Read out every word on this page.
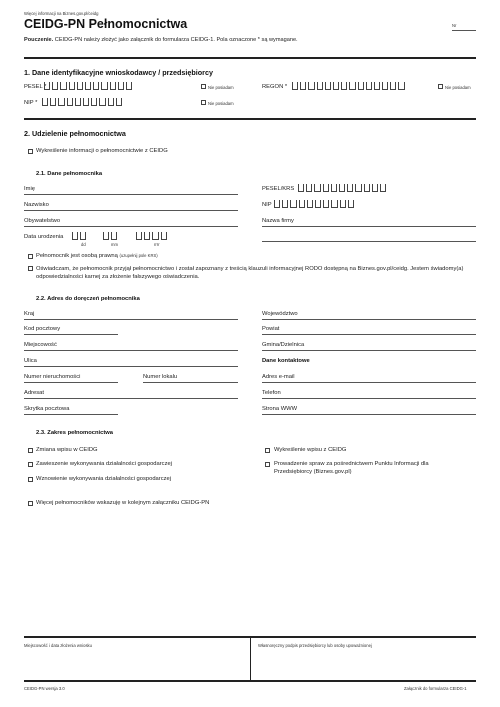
Więcej informacji na Biznes.gov.pl/ceidg
CEIDG-PN Pełnomocnictwa	Nr
Pouczenie. CEIDG-PN należy złożyć jako załącznik do formularza CEIDG-1. Pola oznaczone * są wymagane.
1. Dane identyfikacyjne wnioskodawcy / przedsiębiorcy
PESEL *	Nie posiadam	REGON *	Nie posiadam
NIP *	Nie posiadam
2. Udzielenie pełnomocnictwa
Wykreślenie informacji o pełnomocnictwie z CEIDG
2.1. Dane pełnomocnika
Imię
Nazwisko
Obywatelstwo
Data urodzenia
dd	mm	rrrr
PESEL/KRS
NIP
Nazwa firmy
Pełnomocnik jest osobą prawną (uzupełnij pole KRS)
Oświadczam, że pełnomocnik przyjął pełnomocnictwo i został zapoznany z treścią klauzuli informacyjnej RODO dostępną na Biznes.gov.pl/ceidg. Jestem świadomy(a) odpowiedzialności karnej za złożenie fałszywego oświadczenia.
2.2. Adres do doręczeń pełnomocnika
Kraj
Kod pocztowy
Miejscowość
Ulica
Numer nieruchomości	Numer lokalu
Adresat
Skrytka pocztowa
Województwo
Powiat
Gmina/Dzielnica
Dane kontaktowe
Adres e-mail
Telefon
Strona WWW
2.3. Zakres pełnomocnictwa
Zmiana wpisu w CEIDG
Zawieszenie wykonywania działalności gospodarczej
Wznowienie wykonywania działalności gospodarczej
Wykreślenie wpisu z CEIDG
Prowadzenie spraw za pośrednictwem Punktu Informacji dla Przedsiębiorcy (Biznes.gov.pl)
Więcej pełnomocników wskazuję w kolejnym załączniku CEIDG-PN
Miejscowość i data złożenia wniosku	Własnoręczny podpis przedsiębiorcy lub osoby upoważnionej
CEIDG-PN wersja 3.0	Załącznik do formularza CEIDG-1
